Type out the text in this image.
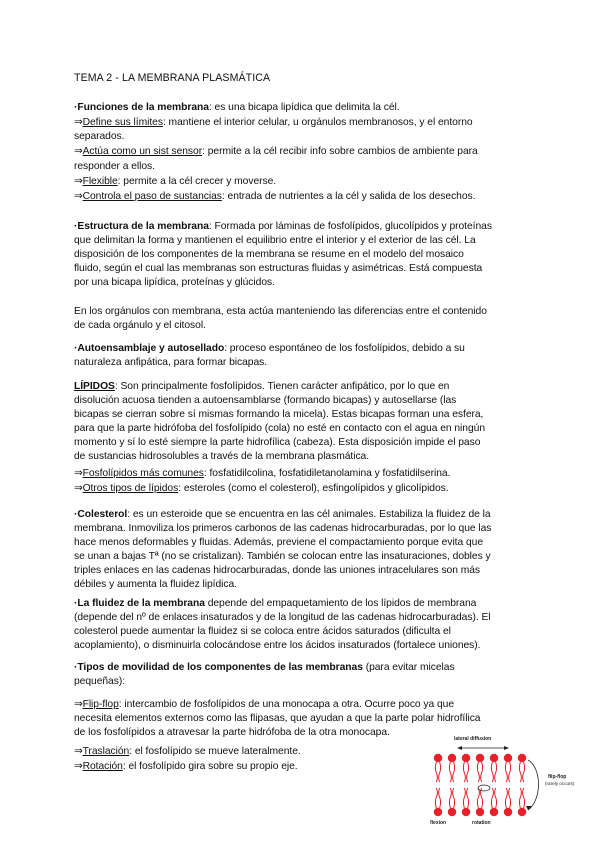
TEMA 2 - LA MEMBRANA PLASMÁTICA
·Funciones de la membrana: es una bicapa lipídica que delimita la cél.
⇒Define sus límites: mantiene el interior celular, u orgánulos membranosos, y el entorno
separados.
⇒Actúa como un sist sensor: permite a la cél recibir info sobre cambios de ambiente para
responder a ellos.
⇒Flexible: permite a la cél crecer y moverse.
⇒Controla el paso de sustancias: entrada de nutrientes a la cél y salida de los desechos.
·Estructura de la membrana: Formada por láminas de fosfolípidos, glucolípidos y proteínas
que delimitan la forma y mantienen el equilibrio entre el interior y el exterior de las cél. La
disposición de los componentes de la membrana se resume en el modelo del mosaico
fluido, según el cual las membranas son estructuras fluidas y asimétricas. Está compuesta
por una bicapa lipídica, proteínas y glúcidos.
En los orgánulos con membrana, esta actúa manteniendo las diferencias entre el contenido
de cada orgánulo y el citosol.
·Autoensamblaje y autosellado: proceso espontáneo de los fosfolípidos, debido a su
naturaleza anfipática, para formar bicapas.
LÍPIDOS: Son principalmente fosfolípidos. Tienen carácter anfipático, por lo que en
disolución acuosa tienden a autoensamblarse (formando bicapas) y autosellarse (las
bicapas se cierran sobre sí mismas formando la micela). Estas bicapas forman una esfera,
para que la parte hidrófoba del fosfolípido (cola) no esté en contacto con el agua en ningún
momento y sí lo esté siempre la parte hidrofílica (cabeza). Esta disposición impide el paso
de sustancias hidrosolubles a través de la membrana plasmática.
⇒Fosfolípidos más comunes: fosfatidilcolina, fosfatidiletanolamina y fosfatidilserina.
⇒Otros tipos de lípidos: esteroles (como el colesterol), esfingolípidos y glicolípidos.
·Colesterol: es un esteroide que se encuentra en las cél animales. Estabiliza la fluidez de la
membrana. Inmoviliza los primeros carbonos de las cadenas hidrocarburadas, por lo que las
hace menos deformables y fluidas. Además, previene el compactamiento porque evita que
se unan a bajas Tª (no se cristalizan). También se colocan entre las insaturaciones, dobles y
triples enlaces en las cadenas hidrocarburadas, donde las uniones intracelulares son más
débiles y aumenta la fluidez lipídica.
·La fluidez de la membrana depende del empaquetamiento de los lípidos de membrana
(depende del nº de enlaces insaturados y de la longitud de las cadenas hidrocarburadas). El
colesterol puede aumentar la fluidez si se coloca entre ácidos saturados (dificulta el
acoplamiento), o disminuirla colocándose entre los ácidos insaturados (fortalece uniones).
·Tipos de movilidad de los componentes de las membranas (para evitar micelas
pequeñas):
⇒Flip-flop: intercambio de fosfolípidos de una monocapa a otra. Ocurre poco ya que
necesita elementos externos como las flipasas, que ayudan a que la parte polar hidrofílica
de los fosfolípidos a atravesar la parte hidrófoba de la otra monocapa.
⇒Traslación: el fosfolípido se mueve lateralmente.
⇒Rotación: el fosfolípido gira sobre su propio eje.
lateral diffusion
flip-flop
(rarely occurs)
flexion	rotation
